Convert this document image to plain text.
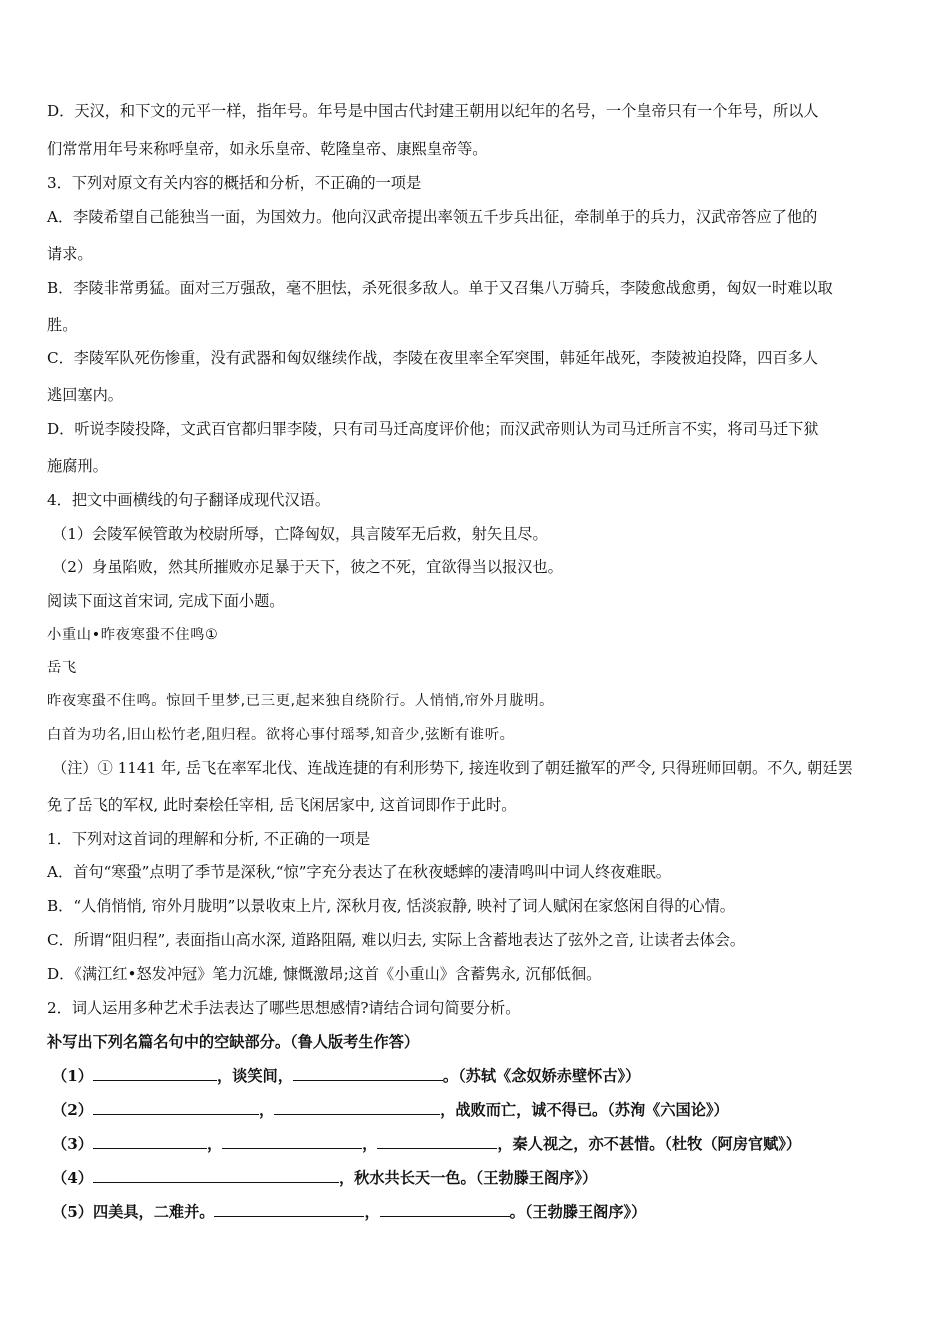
D．天汉，和下文的元平一样，指年号。年号是中国古代封建王朝用以纪年的名号，一个皇帝只有一个年号，所以人
们常常用年号来称呼皇帝，如永乐皇帝、乾隆皇帝、康熙皇帝等。
3．下列对原文有关内容的概括和分析，不正确的一项是
A．李陵希望自己能独当一面，为国效力。他向汉武帝提出率领五千步兵出征，牵制单于的兵力，汉武帝答应了他的
请求。
B．李陵非常勇猛。面对三万强敌，毫不胆怯，杀死很多敌人。单于又召集八万骑兵，李陵愈战愈勇，匈奴一时难以取
胜。
C．李陵军队死伤惨重，没有武器和匈奴继续作战，李陵在夜里率全军突围，韩延年战死，李陵被迫投降，四百多人
逃回塞内。
D．听说李陵投降，文武百官都归罪李陵，只有司马迁高度评价他；而汉武帝则认为司马迁所言不实，将司马迁下狱
施腐刑。
4．把文中画横线的句子翻译成现代汉语。
（1）会陵军候管敢为校尉所辱，亡降匈奴，具言陵军无后救，射矢且尽。
（2）身虽陷败，然其所摧败亦足暴于天下，彼之不死，宜欲得当以报汉也。
阅读下面这首宋词, 完成下面小题。
小重山•昨夜寒蛩不住鸣①
岳飞
昨夜寒蛩不住鸣。惊回千里梦,已三更,起来独自绕阶行。人悄悄,帘外月胧明。
白首为功名,旧山松竹老,阻归程。欲将心事付瑶琴,知音少,弦断有谁听。
（注）① 1141 年, 岳飞在率军北伐、连战连捷的有利形势下, 接连收到了朝廷撤军的严令, 只得班师回朝。不久, 朝廷罢
免了岳飞的军权, 此时秦桧任宰相, 岳飞闲居家中, 这首词即作于此时。
1．下列对这首词的理解和分析, 不正确的一项是
A．首句“寒蛩”点明了季节是深秋,“惊”字充分表达了在秋夜蟋蟀的凄清鸣叫中词人终夜难眠。
B．“人俏悄悄, 帘外月胧明”以景收束上片, 深秋月夜, 恬淡寂静, 映衬了词人赋闲在家悠闲自得的心情。
C．所谓“阻归程”, 表面指山高水深, 道路阻隔, 难以归去, 实际上含蓄地表达了弦外之音, 让读者去体会。
D．《满江红•怒发冲冠》笔力沉雄, 慷慨激昂;这首《小重山》含蓄隽永, 沉郁低徊。
2．词人运用多种艺术手法表达了哪些思想感情?请结合词句简要分析。
补写出下列名篇名句中的空缺部分。（鲁人版考生作答）
（1）	，谈笑间，	。（苏轼《念奴娇赤壁怀古》）
（2）	，	，战败而亡，诚不得已。（苏洵《六国论》）
（3）	，	，	，秦人视之，亦不甚惜。（杜牧（阿房官赋》）
（4）	，秋水共长天一色。（王勃滕王阁序》）
（5）四美具，二难并。	，	。（王勃滕王阁序》）
